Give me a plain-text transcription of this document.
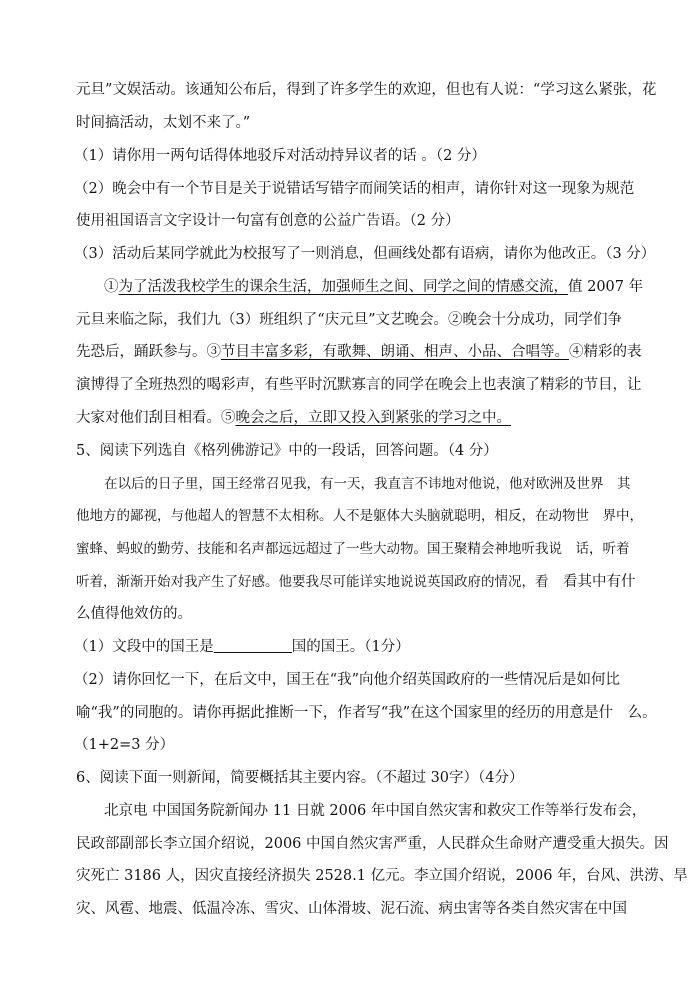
元旦”文娱活动。该通知公布后，得到了许多学生的欢迎，但也有人说：“学习这么紧张，花
时间搞活动，太划不来了。”
（1）请你用一两句话得体地驳斥对活动持异议者的话 。（2 分）
（2）晚会中有一个节目是关于说错话写错字而闹笑话的相声，请你针对这一现象为规范
使用祖国语言文字设计一句富有创意的公益广告语。（2 分）
（3）活动后某同学就此为校报写了一则消息，但画线处都有语病，请你为他改正。（3 分）
①为了活泼我校学生的课余生活，加强师生之间、同学之间的情感交流，值 2007 年
元旦来临之际，我们九（3）班组织了“庆元旦”文艺晚会。②晚会十分成功，同学们争
先恐后，踊跃参与。③节目丰富多彩，有歌舞、朗诵、相声、小品、合唱等。④精彩的表
演博得了全班热烈的喝彩声，有些平时沉默寡言的同学在晚会上也表演了精彩的节目，让
大家对他们刮目相看。⑤晚会之后，立即又投入到紧张的学习之中。
5、阅读下列选自《格列佛游记》中的一段话，回答问题。（4 分）
在以后的日子里，国王经常召见我，有一天，我直言不讳地对他说，他对欧洲及世界　其
他地方的鄙视，与他超人的智慧不太相称。人不是躯体大头脑就聪明，相反，在动物世　界中，
蜜蜂、蚂蚁的勤劳、技能和名声都远远超过了一些大动物。国王聚精会神地听我说　话，听着
听着，渐渐开始对我产生了好感。他要我尽可能详实地说说英国政府的情况，看　看其中有什
么值得他效仿的。
（1）文段中的国王是	国的国王。（1分）
（2）请你回忆一下，在后文中，国王在“我”向他介绍英国政府的一些情况后是如何比
喻“我”的同胞的。请你再据此推断一下，作者写“我”在这个国家里的经历的用意是什　么。
（1+2=3 分）
6、阅读下面一则新闻，简要概括其主要内容。（不超过 30字）（4分）
北京电 中国国务院新闻办 11 日就 2006 年中国自然灾害和救灾工作等举行发布会，
民政部副部长李立国介绍说，2006 中国自然灾害严重，人民群众生命财产遭受重大损失。因
灾死亡 3186 人，因灾直接经济损失 2528.1 亿元。李立国介绍说，2006 年，台风、洪涝、旱
灾、风雹、地震、低温冷冻、雪灾、山体滑坡、泥石流、病虫害等各类自然灾害在中国
